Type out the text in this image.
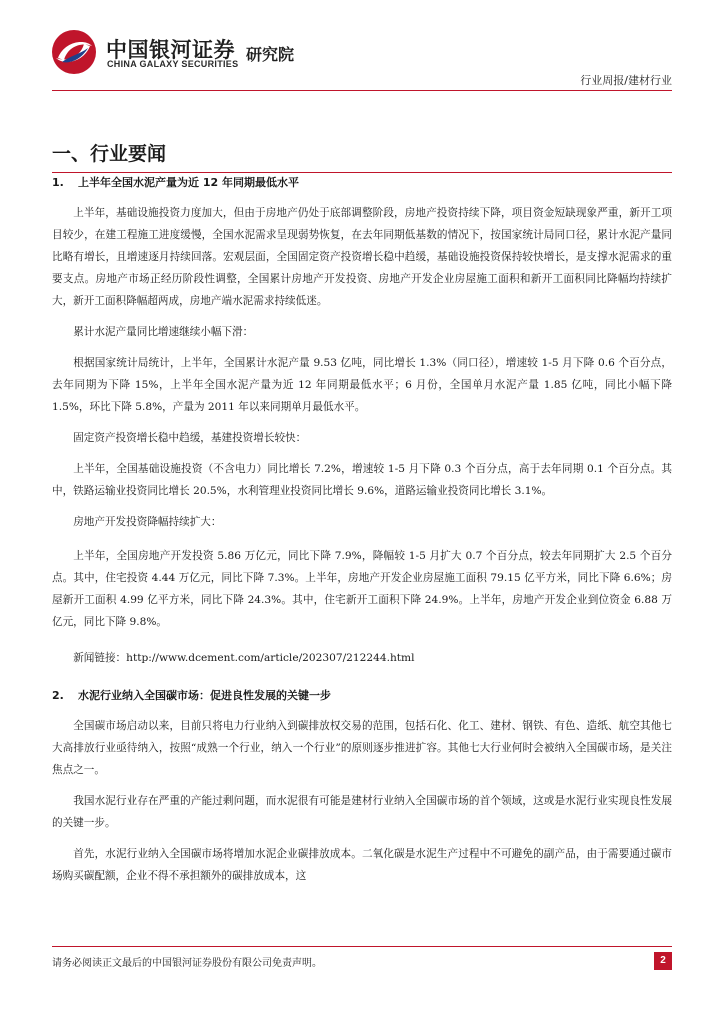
中国银河证券
CHINA GALAXY SECURITIES 研究院
行业周报/建材行业
一、行业要闻
1. 上半年全国水泥产量为近 12 年同期最低水平

上半年，基础设施投资力度加大，但由于房地产仍处于底部调整阶段，房地产投资持续下降，项目资金短缺现象严重，新开工项目较少，在建工程施工进度缓慢，全国水泥需求呈现弱势恢复，在去年同期低基数的情况下，按国家统计局同口径，累计水泥产量同比略有增长，且增速逐月持续回落。宏观层面，全国固定资产投资增长稳中趋缓，基础设施投资保持较快增长，是支撑水泥需求的重要支点。房地产市场正经历阶段性调整，全国累计房地产开发投资、房地产开发企业房屋施工面积和新开工面积同比降幅均持续扩大，新开工面积降幅超两成，房地产端水泥需求持续低迷。

累计水泥产量同比增速继续小幅下滑：

根据国家统计局统计，上半年，全国累计水泥产量 9.53 亿吨，同比增长 1.3%（同口径），增速较 1-5 月下降 0.6 个百分点，去年同期为下降 15%，上半年全国水泥产量为近 12 年同期最低水平；6 月份，全国单月水泥产量 1.85 亿吨，同比小幅下降 1.5%，环比下降 5.8%，产量为 2011 年以来同期单月最低水平。

固定资产投资增长稳中趋缓，基建投资增长较快：

上半年，全国基础设施投资（不含电力）同比增长 7.2%，增速较 1-5 月下降 0.3 个百分点，高于去年同期 0.1 个百分点。其中，铁路运输业投资同比增长 20.5%，水利管理业投资同比增长 9.6%，道路运输业投资同比增长 3.1%。

房地产开发投资降幅持续扩大：

上半年，全国房地产开发投资 5.86 万亿元，同比下降 7.9%，降幅较 1-5 月扩大 0.7 个百分点，较去年同期扩大 2.5 个百分点。其中，住宅投资 4.44 万亿元，同比下降 7.3%。上半年，房地产开发企业房屋施工面积 79.15 亿平方米，同比下降 6.6%；房屋新开工面积 4.99 亿平方米，同比下降 24.3%。其中，住宅新开工面积下降 24.9%。上半年，房地产开发企业到位资金 6.88 万亿元，同比下降 9.8%。

新闻链接：http://www.dcement.com/article/202307/212244.html

2. 水泥行业纳入全国碳市场：促进良性发展的关键一步

全国碳市场启动以来，目前只将电力行业纳入到碳排放权交易的范围，包括石化、化工、建材、钢铁、有色、造纸、航空其他七大高排放行业亟待纳入，按照“成熟一个行业，纳入一个行业”的原则逐步推进扩容。其他七大行业何时会被纳入全国碳市场，是关注焦点之一。

我国水泥行业存在严重的产能过剩问题，而水泥很有可能是建材行业纳入全国碳市场的首个领域，这或是水泥行业实现良性发展的关键一步。

首先，水泥行业纳入全国碳市场将增加水泥企业碳排放成本。二氧化碳是水泥生产过程中不可避免的副产品，由于需要通过碳市场购买碳配额，企业不得不承担额外的碳排放成本，这

请务必阅读正文最后的中国银河证券股份有限公司免责声明。	2
